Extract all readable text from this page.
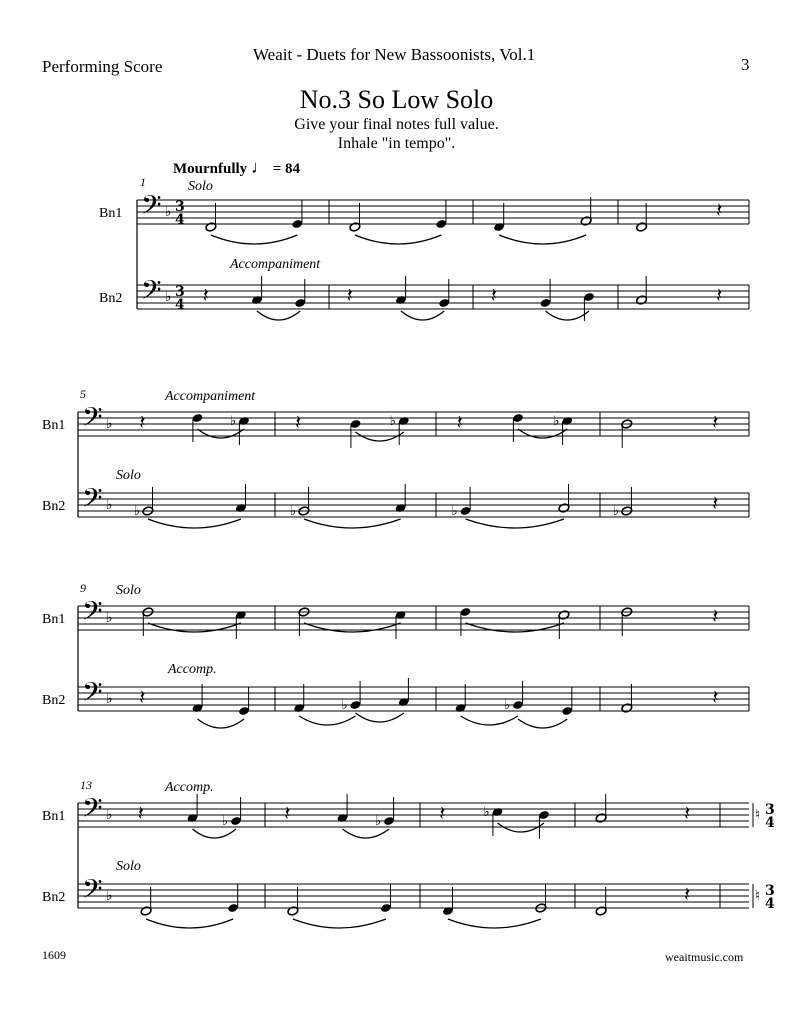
Performing Score
Weait - Duets for New Bassoonists, Vol.1
3
No.3 So Low Solo
Give your final notes full value.
Inhale "in tempo".
Mournfully ♩ = 84
1609	weaitmusic.com
𝄢 ♭ 3
4
Bn1	𝄽
𝄢 ♭ 3
4
Bn2	𝄽	𝄽	𝄽	𝄽
1	Solo
Accompaniment
𝄢 ♭
Bn1	𝄽	♭	𝄽	♭	𝄽	♭	𝄽
𝄢 ♭
Bn2	♭	♭	♭	♭	𝄽
5	Accompaniment
Solo
𝄢 ♭
Bn1	𝄽
𝄢 ♭
Bn2	𝄽	♭	♭	𝄽
9 Solo
Accomp.
𝄢 ♭
Bn1	𝄽	♭	𝄽	♭	𝄽	♭	𝄽
𝄢 ♭
Bn2	𝄽
13	Accomp.
Solo
♮ 3
4
♮ 3
4
